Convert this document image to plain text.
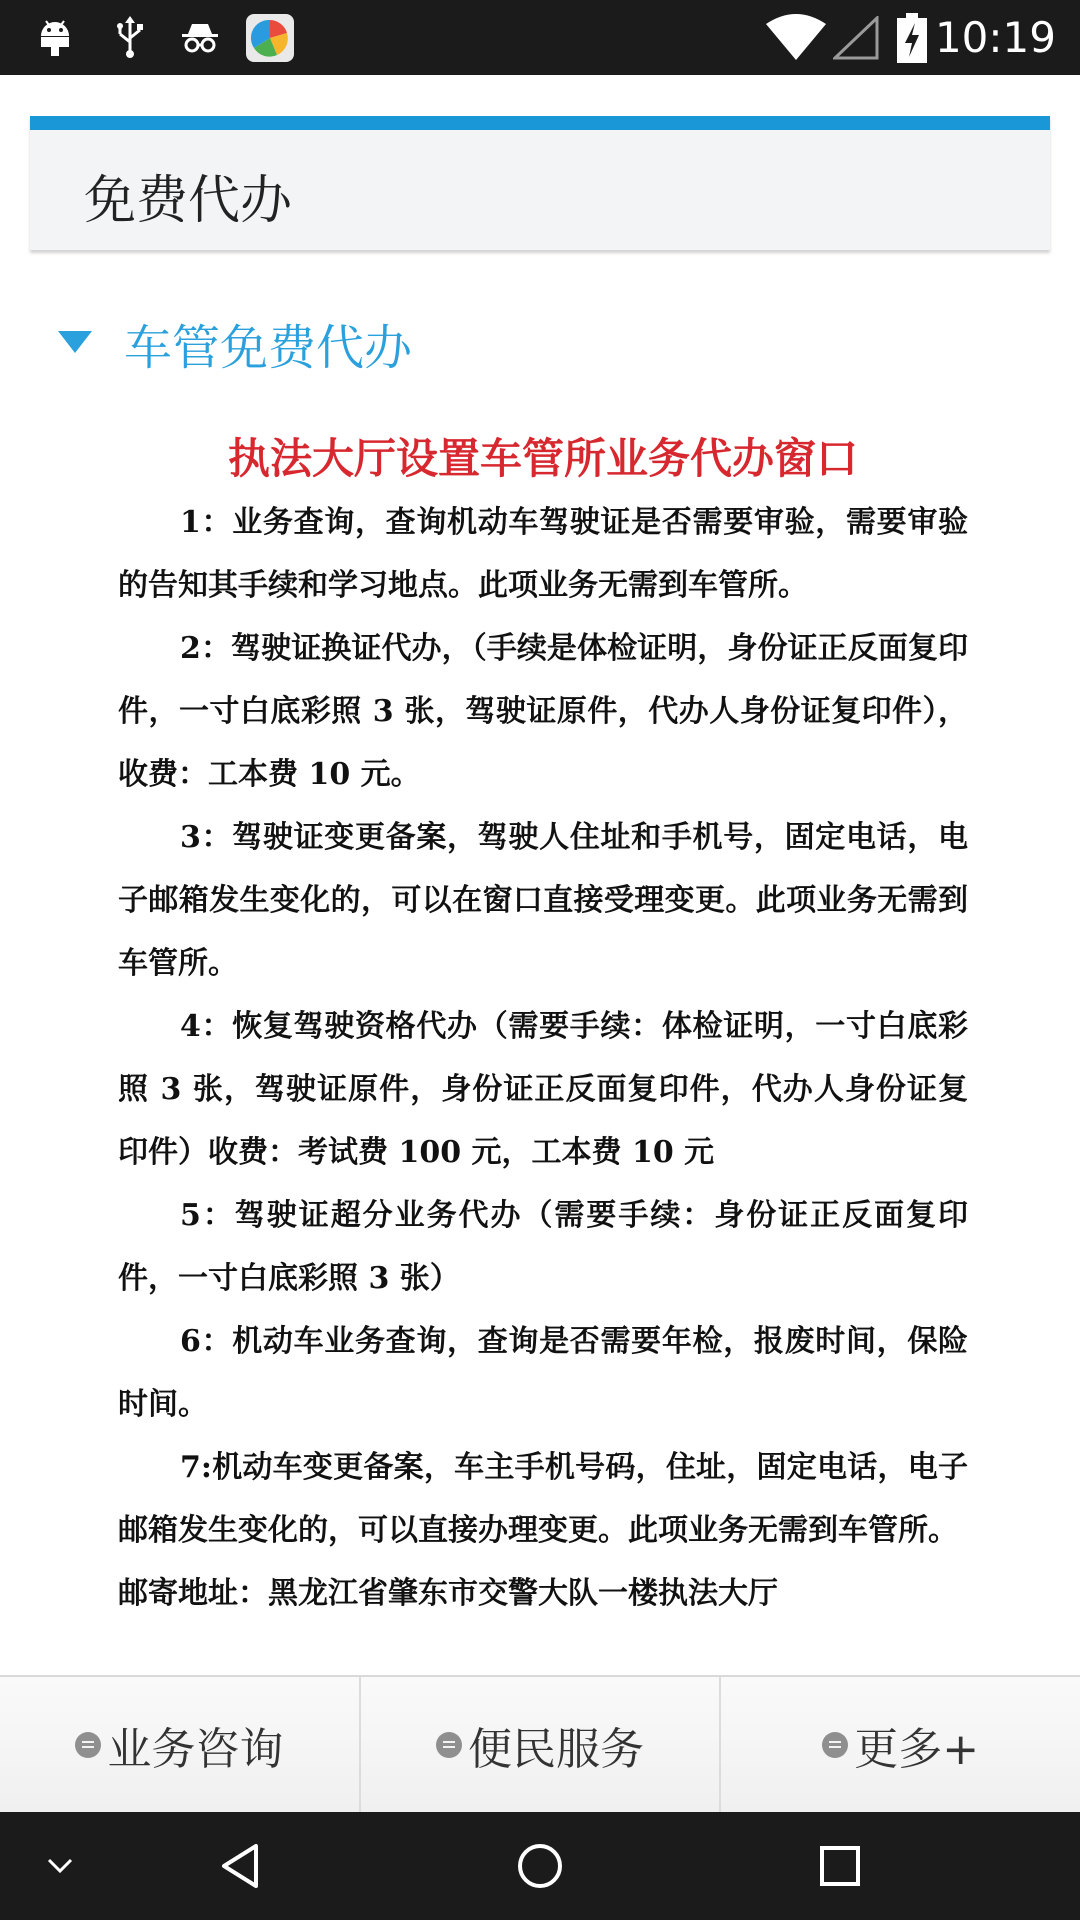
10:19
免费代办
车管免费代办
执法大厅设置车管所业务代办窗口

1：业务查询，查询机动车驾驶证是否需要审验，需要审验的告知其手续和学习地点。此项业务无需到车管所。

2：驾驶证换证代办，（手续是体检证明，身份证正反面复印件，一寸白底彩照 3 张，驾驶证原件，代办人身份证复印件），收费：工本费 10 元。

3：驾驶证变更备案，驾驶人住址和手机号，固定电话，电子邮箱发生变化的，可以在窗口直接受理变更。此项业务无需到车管所。

4：恢复驾驶资格代办（需要手续：体检证明，一寸白底彩照 3 张，驾驶证原件，身份证正反面复印件，代办人身份证复印件）收费：考试费 100 元，工本费 10 元

5：驾驶证超分业务代办（需要手续：身份证正反面复印件，一寸白底彩照 3 张）

6：机动车业务查询，查询是否需要年检，报废时间，保险时间。

7:机动车变更备案，车主手机号码，住址，固定电话，电子邮箱发生变化的，可以直接办理变更。此项业务无需到车管所。

邮寄地址：黑龙江省肇东市交警大队一楼执法大厅

业务咨询	便民服务	更多+
